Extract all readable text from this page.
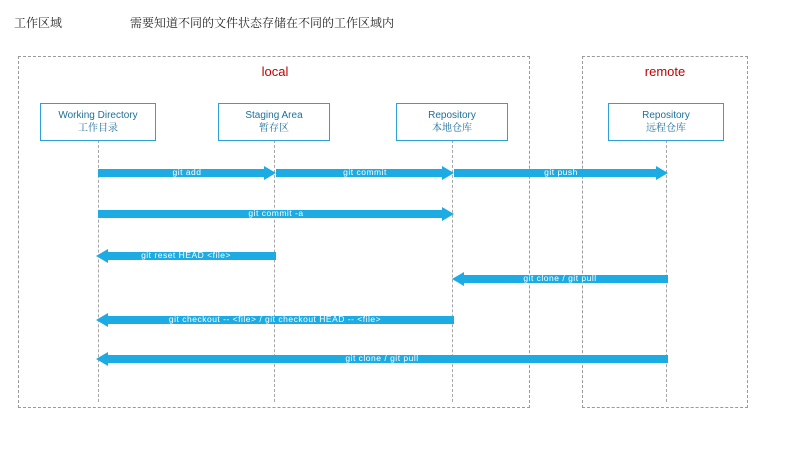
工作区域	需要知道不同的文件状态存储在不同的工作区域内
local	remote
Working Directory
工作目录
Staging Area
暂存区
Repository
本地仓库
Repository
远程仓库
git add	git commit	git push
git commit -a
git reset HEAD <file>
git clone / git pull
git checkout -- <file> / git checkout HEAD -- <file>
git clone / git pull
